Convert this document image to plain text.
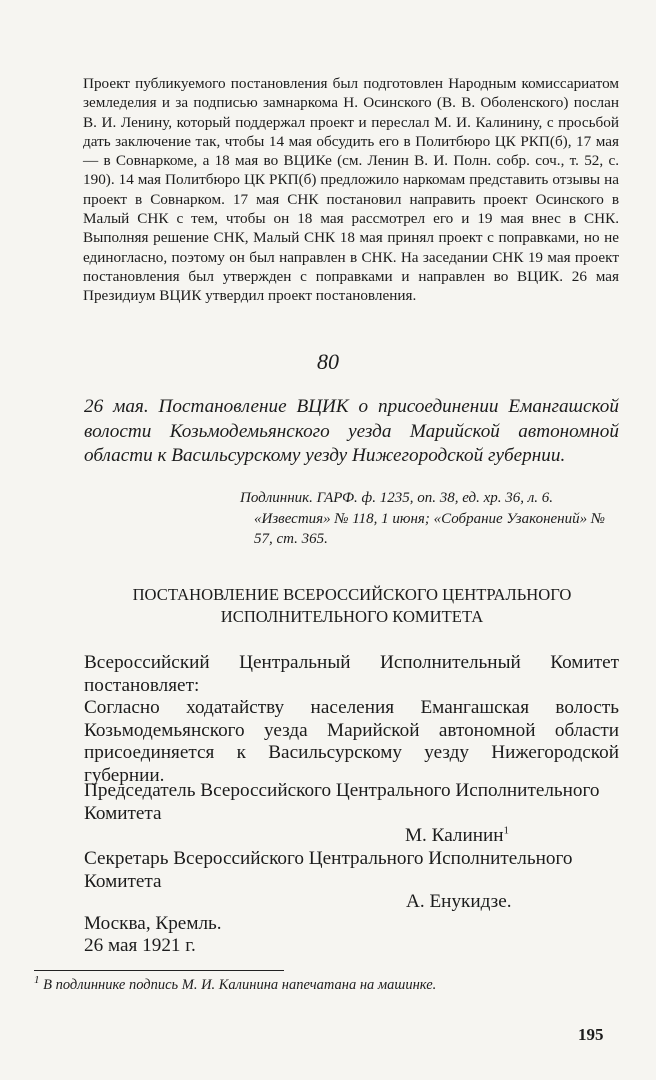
Проект публикуемого постановления был подготовлен Народным комиссариатом земледелия и за подписью замнаркома Н. Осинского (В. В. Оболенского) послан В. И. Ленину, который поддержал проект и переслал М. И. Калинину, с просьбой дать заключение так, чтобы 14 мая обсудить его в Политбюро ЦК РКП(б), 17 мая — в Совнаркоме, а 18 мая во ВЦИКе (см. Ленин В. И. Полн. собр. соч., т. 52, с. 190). 14 мая Политбюро ЦК РКП(б) предложило наркомам представить отзывы на проект в Совнарком. 17 мая СНК постановил направить проект Осинского в Малый СНК с тем, чтобы он 18 мая рассмотрел его и 19 мая внес в СНК. Выполняя решение СНК, Малый СНК 18 мая принял проект с поправками, но не единогласно, поэтому он был направлен в СНК. На заседании СНК 19 мая проект постановления был утвержден с поправками и направлен во ВЦИК. 26 мая Президиум ВЦИК утвердил проект постановления.
80
26 мая. Постановление ВЦИК о присоединении Емангашской волости Козьмодемьянского уезда Марийской автономной области к Васильсурскому уезду Нижегородской губернии.
Подлинник. ГАРФ. ф. 1235, оп. 38, ед. хр. 36, л. 6.
«Известия» № 118, 1 июня; «Собрание Узаконений» № 57, ст. 365.
ПОСТАНОВЛЕНИЕ ВСЕРОССИЙСКОГО ЦЕНТРАЛЬНОГО
ИСПОЛНИТЕЛЬНОГО КОМИТЕТА

Всероссийский Центральный Исполнительный Комитет постановляет:

Согласно ходатайству населения Емангашская волость Козьмодемьянского уезда Марийской автономной области присоединяется к Васильсурскому уезду Нижегородской губернии.

Председатель Всероссийского Центрального Исполнительного Комитета
М. Калинин$^1$
Секретарь Всероссийского Центрального Исполнительного Комитета
А. Енукидзе.
Москва, Кремль.
26 мая 1921 г.
$^1$ В подлиннике подпись М. И. Калинина напечатана на машинке.
195
